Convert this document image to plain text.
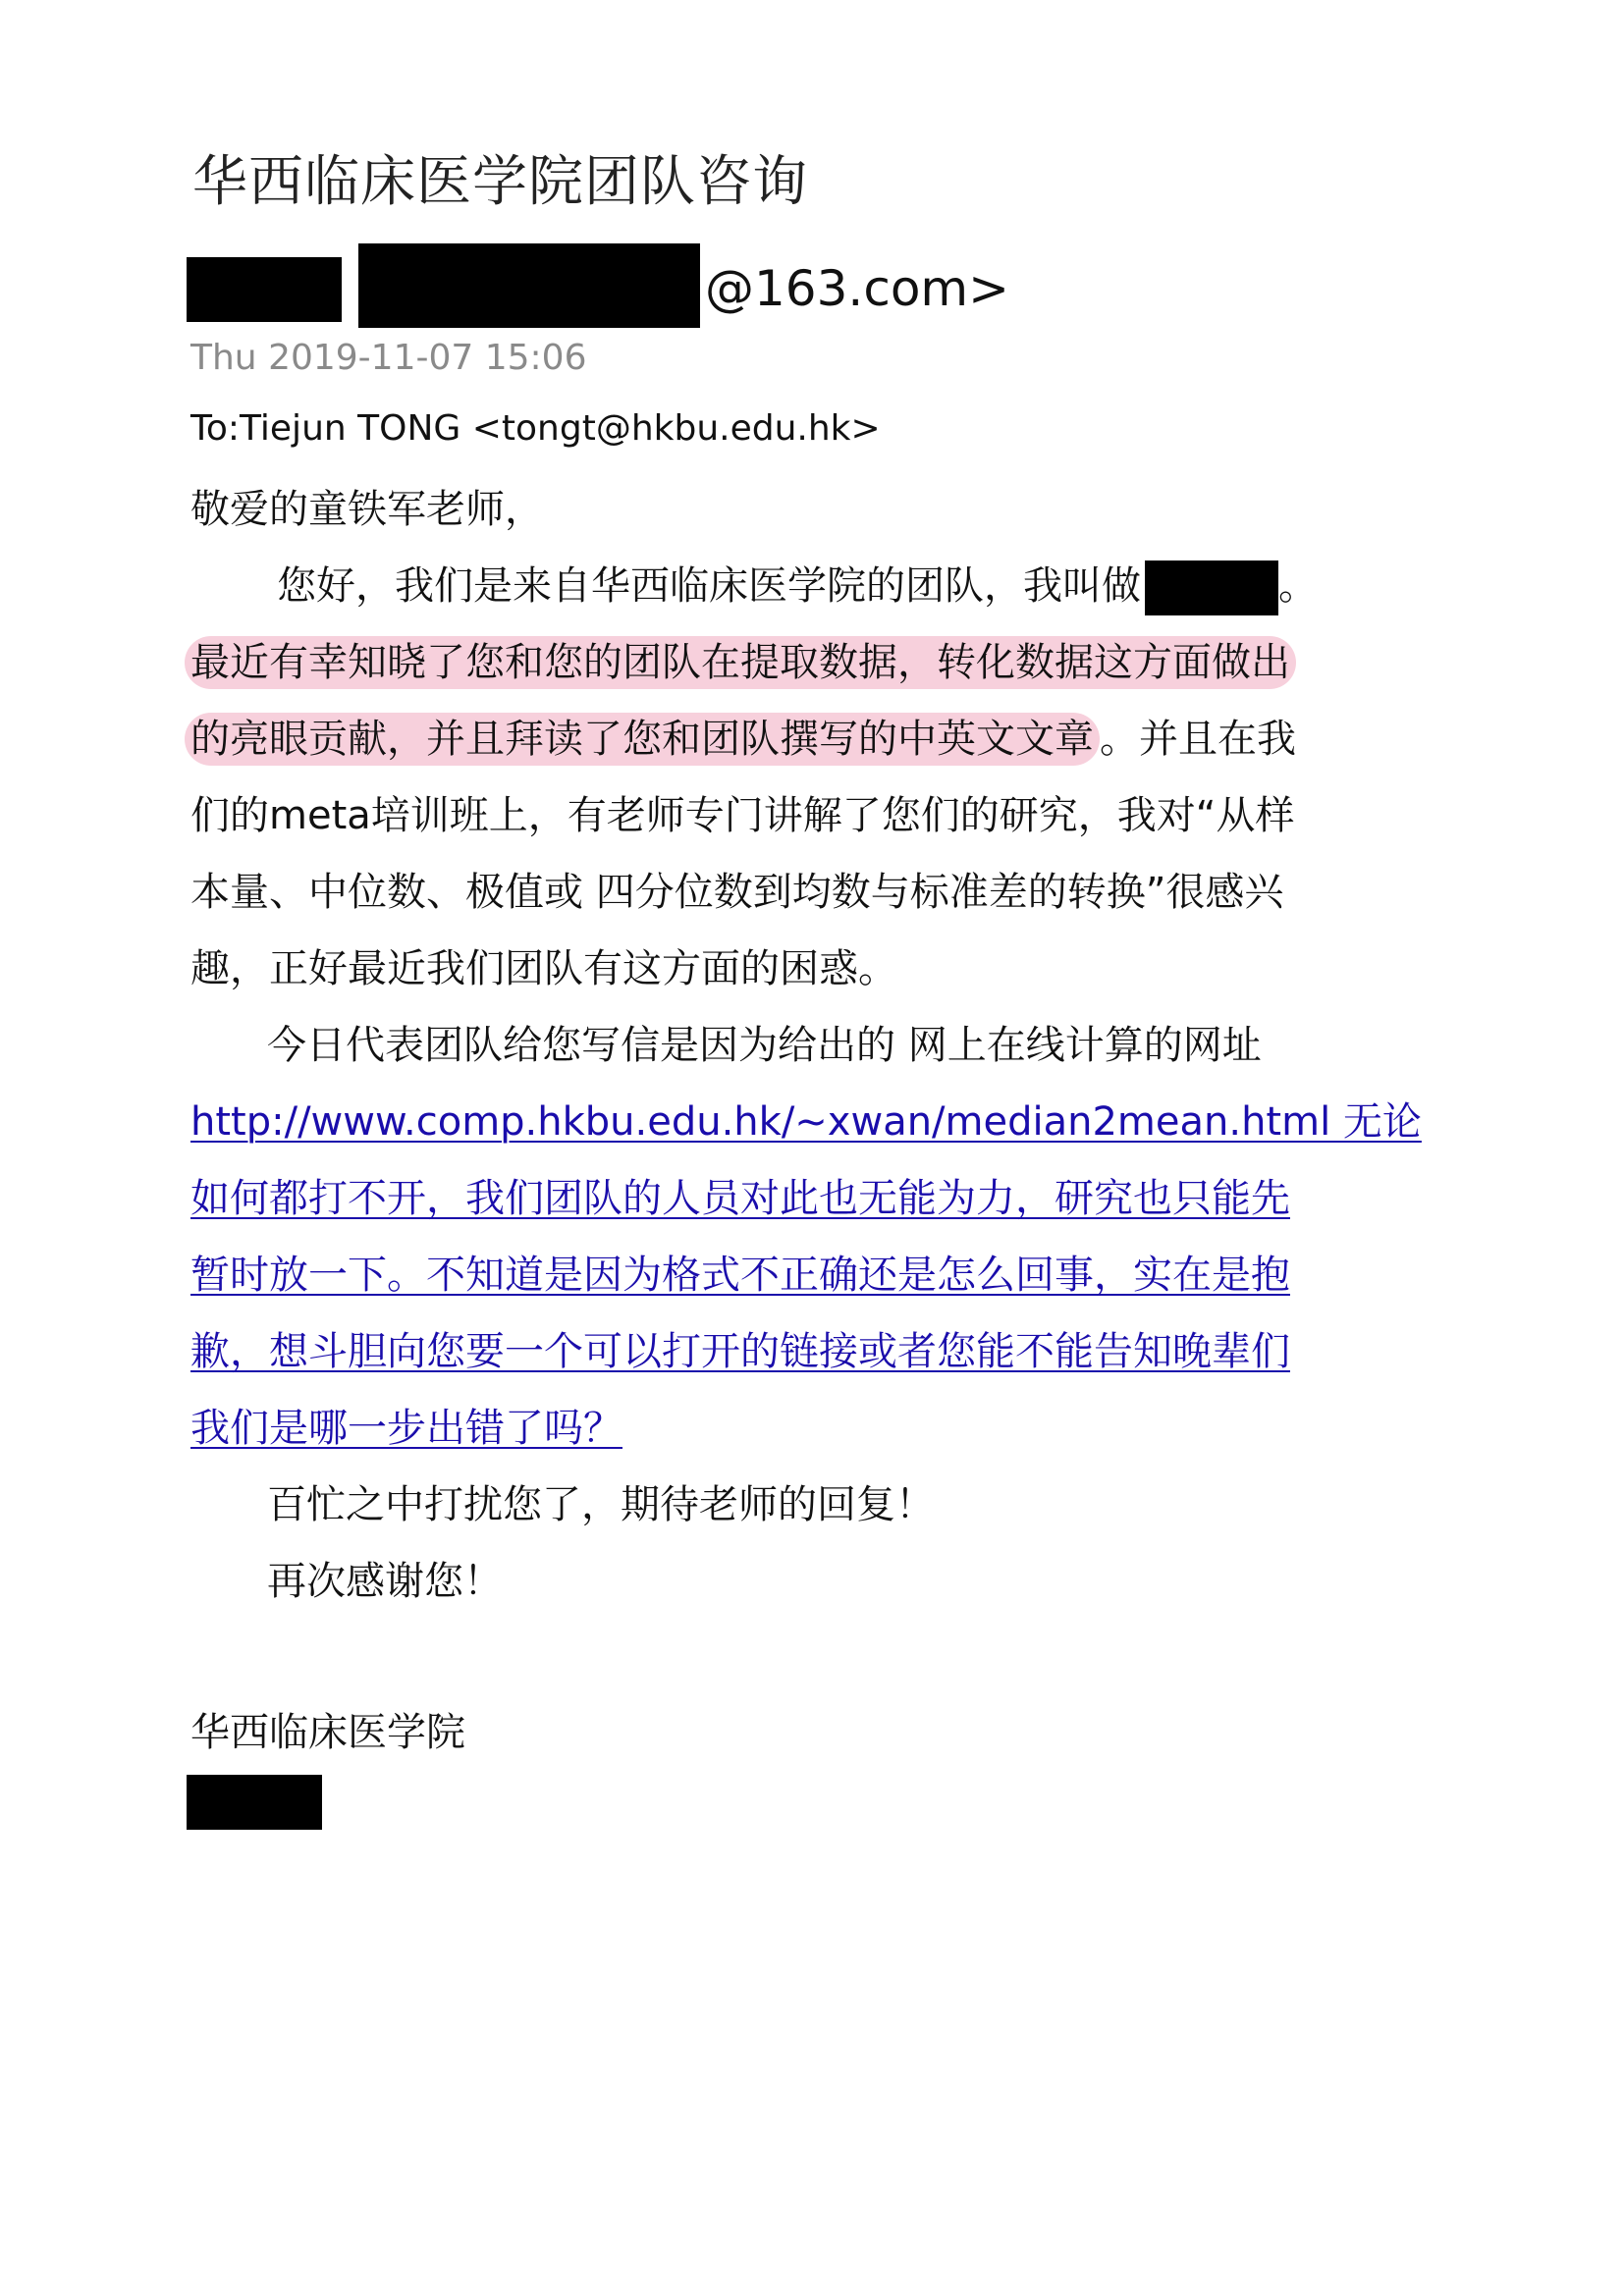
华西临床医学院团队咨询
@163.com>
Thu 2019-11-07 15:06
To:Tiejun TONG <tongt@hkbu.edu.hk>
敬爱的童铁军老师，
您好，我们是来自华西临床医学院的团队，我叫做	。
最近有幸知晓了您和您的团队在提取数据，转化数据这方面做出
的亮眼贡献，并且拜读了您和团队撰写的中英文文章 。并且在我
们的meta培训班上，有老师专门讲解了您们的研究，我对“从样
本量、中位数、极值或 四分位数到均数与标准差的转换”很感兴
趣，正好最近我们团队有这方面的困惑。
今日代表团队给您写信是因为给出的 网上在线计算的网址
http://www.comp.hkbu.edu.hk/~xwan/median2mean.html 无论
如何都打不开，我们团队的人员对此也无能为力，研究也只能先
暂时放一下。不知道是因为格式不正确还是怎么回事，实在是抱
歉，想斗胆向您要一个可以打开的链接或者您能不能告知晚辈们
我们是哪一步出错了吗？
百忙之中打扰您了，期待老师的回复！
再次感谢您！
华西临床医学院
